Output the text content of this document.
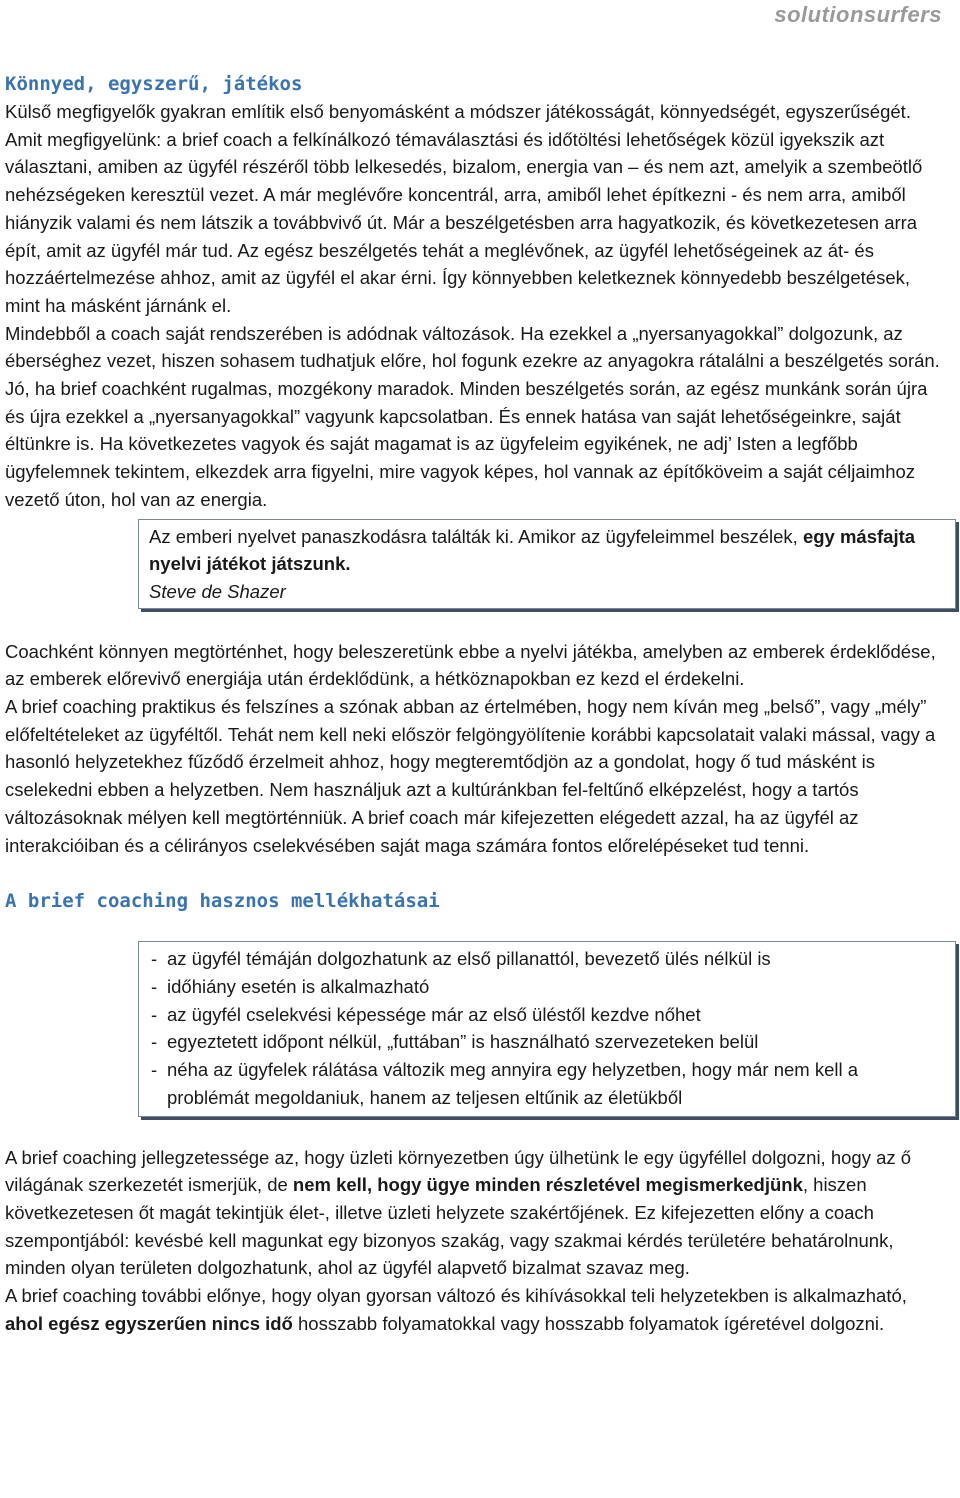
solutionsurfers
Könnyed, egyszerű, játékos

Külső megfigyelők gyakran említik első benyomásként a módszer játékosságát, könnyedségét, egyszerűségét. Amit megfigyelünk: a brief coach a felkínálkozó témaválasztási és időtöltési lehetőségek közül igyekszik azt választani, amiben az ügyfél részéről több lelkesedés, bizalom, energia van – és nem azt, amelyik a szembeötlő nehézségeken keresztül vezet. A már meglévőre koncentrál, arra, amiből lehet építkezni - és nem arra, amiből hiányzik valami és nem látszik a továbbvivő út. Már a beszélgetésben arra hagyatkozik, és következetesen arra épít, amit az ügyfél már tud. Az egész beszélgetés tehát a meglévőnek, az ügyfél lehetőségeinek az át- és hozzáértelmezése ahhoz, amit az ügyfél el akar érni. Így könnyebben keletkeznek könnyedebb beszélgetések, mint ha másként járnánk el.

Mindebből a coach saját rendszerében is adódnak változások. Ha ezekkel a „nyersanyagokkal” dolgozunk, az éberséghez vezet, hiszen sohasem tudhatjuk előre, hol fogunk ezekre az anyagokra rátalálni a beszélgetés során. Jó, ha brief coachként rugalmas, mozgékony maradok. Minden beszélgetés során, az egész munkánk során újra és újra ezekkel a „nyersanyagokkal” vagyunk kapcsolatban. És ennek hatása van saját lehetőségeinkre, saját éltünkre is. Ha következetes vagyok és saját magamat is az ügyfeleim egyikének, ne adj’ Isten a legfőbb ügyfelemnek tekintem, elkezdek arra figyelni, mire vagyok képes, hol vannak az építőköveim a saját céljaimhoz vezető úton, hol van az energia.

Az emberi nyelvet panaszkodásra találták ki. Amikor az ügyfeleimmel beszélek, egy másfajta nyelvi játékot játszunk.
Steve de Shazer

Coachként könnyen megtörténhet, hogy beleszeretünk ebbe a nyelvi játékba, amelyben az emberek érdeklődése, az emberek előrevivő energiája után érdeklődünk, a hétköznapokban ez kezd el érdekelni.

A brief coaching praktikus és felszínes a szónak abban az értelmében, hogy nem kíván meg „belső”, vagy „mély” előfeltételeket az ügyféltől. Tehát nem kell neki először felgöngyölítenie korábbi kapcsolatait valaki mással, vagy a hasonló helyzetekhez fűződő érzelmeit ahhoz, hogy megteremtődjön az a gondolat, hogy ő tud másként is cselekedni ebben a helyzetben. Nem használjuk azt a kultúránkban fel-feltűnő elképzelést, hogy a tartós változásoknak mélyen kell megtörténniük. A brief coach már kifejezetten elégedett azzal, ha az ügyfél az interakcióiban és a célirányos cselekvésében saját maga számára fontos előrelépéseket tud tenni.

A brief coaching hasznos mellékhatásai
- az ügyfél témáján dolgozhatunk az első pillanattól, bevezető ülés nélkül is
- időhiány esetén is alkalmazható
- az ügyfél cselekvési képessége már az első üléstől kezdve nőhet
- egyeztetett időpont nélkül, „futtában” is használható szervezeteken belül
- néha az ügyfelek rálátása változik meg annyira egy helyzetben, hogy már nem kell a problémát megoldaniuk, hanem az teljesen eltűnik az életükből

A brief coaching jellegzetessége az, hogy üzleti környezetben úgy ülhetünk le egy ügyféllel dolgozni, hogy az ő világának szerkezetét ismerjük, de nem kell, hogy ügye minden részletével megismerkedjünk, hiszen következetesen őt magát tekintjük élet-, illetve üzleti helyzete szakértőjének. Ez kifejezetten előny a coach szempontjából: kevésbé kell magunkat egy bizonyos szakág, vagy szakmai kérdés területére behatárolnunk, minden olyan területen dolgozhatunk, ahol az ügyfél alapvető bizalmat szavaz meg.

A brief coaching további előnye, hogy olyan gyorsan változó és kihívásokkal teli helyzetekben is alkalmazható, ahol egész egyszerűen nincs idő hosszabb folyamatokkal vagy hosszabb folyamatok ígéretével dolgozni.
